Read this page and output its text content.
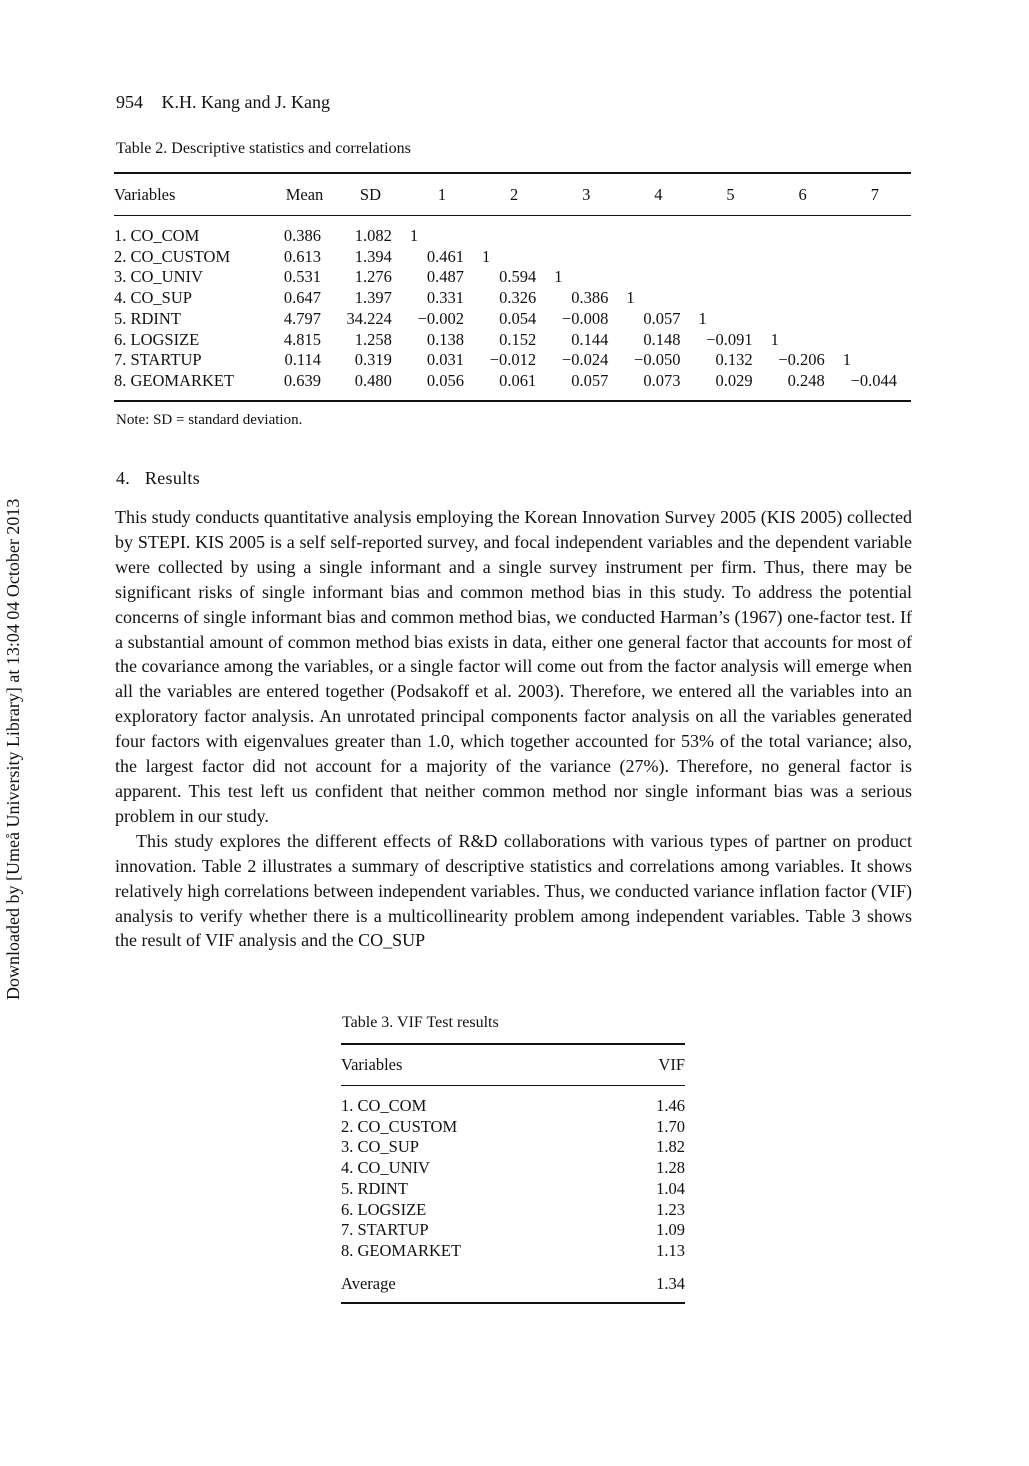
Downloaded by [Umeå University Library] at 13:04 04 October 2013
954 K.H. Kang and J. Kang
Table 2. Descriptive statistics and correlations
Variables	Mean	SD	1	2	3	4	5	6	7
1. CO_COM	0.386	1.082	1						
2. CO_CUSTOM	0.613	1.394	0.461	1					
3. CO_UNIV	0.531	1.276	0.487	0.594	1				
4. CO_SUP	0.647	1.397	0.331	0.326	0.386	1			
5. RDINT	4.797	34.224	−0.002	0.054	−0.008	0.057	1		
6. LOGSIZE	4.815	1.258	0.138	0.152	0.144	0.148	−0.091	1	
7. STARTUP	0.114	0.319	0.031	−0.012	−0.024	−0.050	0.132	−0.206	1
8. GEOMARKET	0.639	0.480	0.056	0.061	0.057	0.073	0.029	0.248	−0.044
Note: SD = standard deviation.
4. Results

This study conducts quantitative analysis employing the Korean Innovation Survey 2005 (KIS 2005) collected by STEPI. KIS 2005 is a self self-reported survey, and focal independent variables and the dependent variable were collected by using a single informant and a single survey instrument per firm. Thus, there may be significant risks of single informant bias and common method bias in this study. To address the potential concerns of single informant bias and common method bias, we conducted Harman’s (1967) one-factor test. If a substantial amount of common method bias exists in data, either one general factor that accounts for most of the covariance among the variables, or a single factor will come out from the factor analysis will emerge when all the variables are entered together (Podsakoff et al. 2003). Therefore, we entered all the variables into an exploratory factor analysis. An unrotated principal components factor analysis on all the variables generated four factors with eigenvalues greater than 1.0, which together accounted for 53% of the total variance; also, the largest factor did not account for a majority of the variance (27%). Therefore, no general factor is apparent. This test left us confident that neither common method nor single informant bias was a serious problem in our study.

This study explores the different effects of R&D collaborations with various types of partner on product innovation. Table 2 illustrates a summary of descriptive statistics and correlations among variables. It shows relatively high correlations between independent variables. Thus, we conducted variance inflation factor (VIF) analysis to verify whether there is a multicollinearity problem among independent variables. Table 3 shows the result of VIF analysis and the CO_SUP

Table 3. VIF Test results
Variables	VIF
1. CO_COM	1.46
2. CO_CUSTOM	1.70
3. CO_SUP	1.82
4. CO_UNIV	1.28
5. RDINT	1.04
6. LOGSIZE	1.23
7. STARTUP	1.09
8. GEOMARKET	1.13
Average	1.34
